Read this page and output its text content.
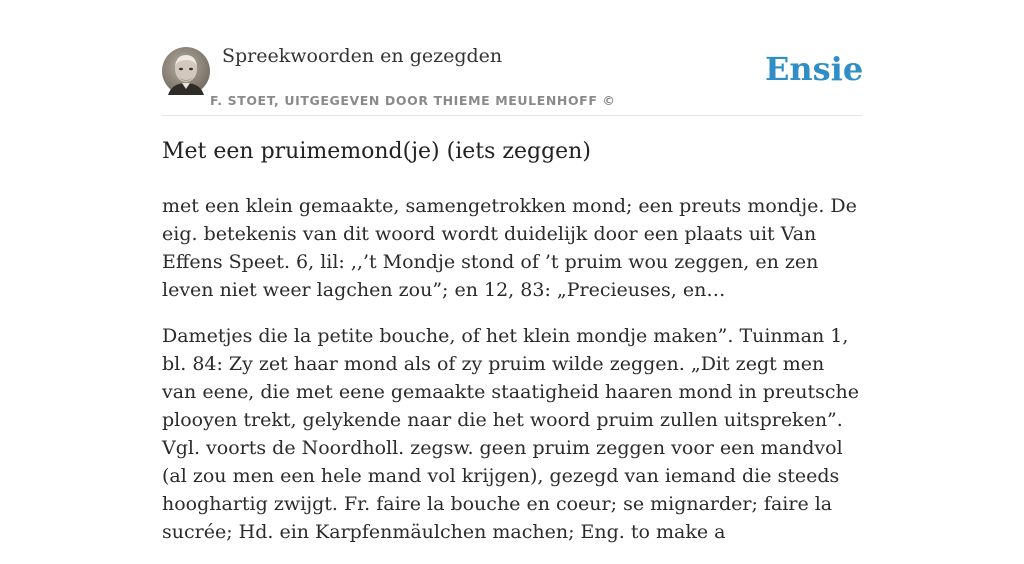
Spreekwoorden en gezegden
F. STOET, UITGEGEVEN DOOR THIEME MEULENHOFF ©
Ensie
Met een pruimemond(je) (iets zeggen)

met een klein gemaakte, samengetrokken mond; een preuts mondje. De eig. betekenis van dit woord wordt duidelijk door een plaats uit Van Effens Speet. 6, lil: ,,’t Mondje stond of ’t pruim wou zeggen, en zen leven niet weer lagchen zou”; en 12, 83: „Precieuses, en…

Dametjes die la petite bouche, of het klein mondje maken”. Tuinman 1, bl. 84: Zy zet haar mond als of zy pruim wilde zeggen. „Dit zegt men van eene, die met eene gemaakte staatigheid haaren mond in preutsche plooyen trekt, gelykende naar die het woord pruim zullen uitspreken”. Vgl. voorts de Noordholl. zegsw. geen pruim zeggen voor een mandvol (al zou men een hele mand vol krijgen), gezegd van iemand die steeds hooghartig zwijgt. Fr. faire la bouche en coeur; se mignarder; faire la sucrée; Hd. ein Karpfenmäulchen machen; Eng. to make a
